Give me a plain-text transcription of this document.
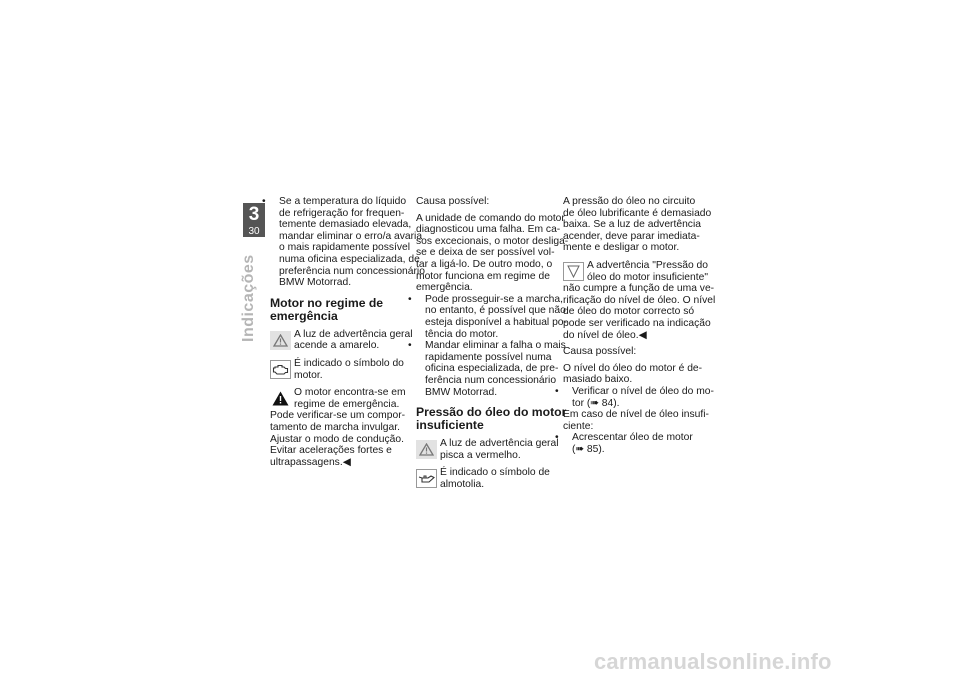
3
30
Indicações
• Se a temperatura do líquido
de refrigeração for frequen-
temente demasiado elevada,
mandar eliminar o erro/a avaria
o mais rapidamente possível
numa oficina especializada, de
preferência num concessionário
BMW Motorrad.
Motor no regime de
emergência
A luz de advertência geral
acende a amarelo.
É indicado o símbolo do
motor.
O motor encontra-se em
regime de emergência.
Pode verificar-se um compor-
tamento de marcha invulgar.
Ajustar o modo de condução.
Evitar acelerações fortes e
ultrapassagens.◀
Causa possível:
A unidade de comando do motor
diagnosticou uma falha. Em ca-
sos excecionais, o motor desliga-
se e deixa de ser possível vol-
tar a ligá-lo. De outro modo, o
motor funciona em regime de
emergência.
• Pode prosseguir-se a marcha,
no entanto, é possível que não
esteja disponível a habitual po-
tência do motor.
• Mandar eliminar a falha o mais
rapidamente possível numa
oficina especializada, de pre-
ferência num concessionário
BMW Motorrad.
Pressão do óleo do motor
insuficiente
A luz de advertência geral
pisca a vermelho.
É indicado o símbolo de
almotolia.
A pressão do óleo no circuito
de óleo lubrificante é demasiado
baixa. Se a luz de advertência
acender, deve parar imediata-
mente e desligar o motor.
A advertência "Pressão do
óleo do motor insuficiente"
não cumpre a função de uma ve-
rificação do nível de óleo. O nível
de óleo do motor correcto só
pode ser verificado na indicação
do nível de óleo.◀
Causa possível:
O nível do óleo do motor é de-
masiado baixo.
• Verificar o nível de óleo do mo-
tor (➠ 84).
Em caso de nível de óleo insufi-
ciente:
• Acrescentar óleo de motor
(➠ 85).
carmanualsonline.info
